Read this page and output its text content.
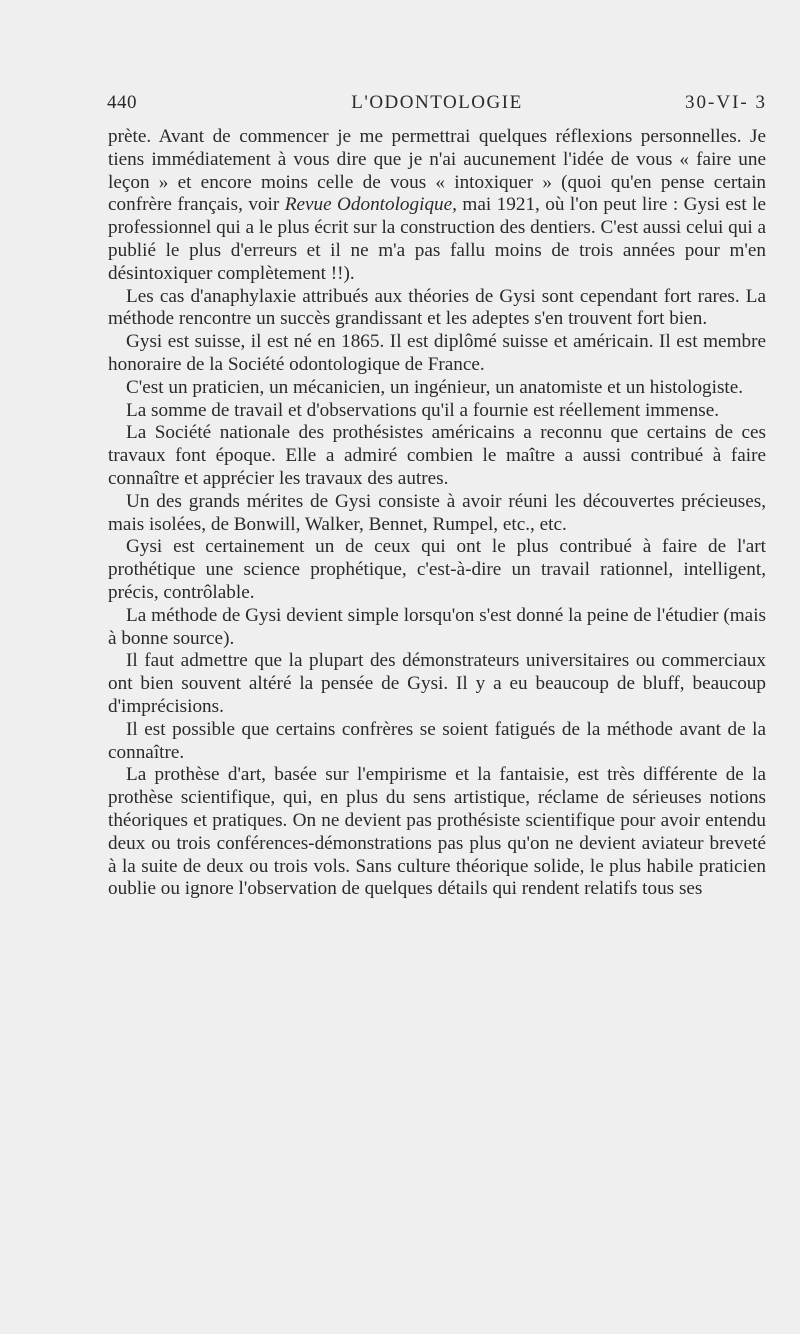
440	L'ODONTOLOGIE	30-VI- 3

prète. Avant de commencer je me permettrai quelques réflexions personnelles. Je tiens immédiatement à vous dire que je n'ai aucunement l'idée de vous « faire une leçon » et encore moins celle de vous « intoxiquer » (quoi qu'en pense certain confrère français, voir Revue Odontologique, mai 1921, où l'on peut lire : Gysi est le professionnel qui a le plus écrit sur la construction des dentiers. C'est aussi celui qui a publié le plus d'erreurs et il ne m'a pas fallu moins de trois années pour m'en désintoxiquer complètement !!).

Les cas d'anaphylaxie attribués aux théories de Gysi sont cependant fort rares. La méthode rencontre un succès grandissant et les adeptes s'en trouvent fort bien.

Gysi est suisse, il est né en 1865. Il est diplômé suisse et américain. Il est membre honoraire de la Société odontologique de France.

C'est un praticien, un mécanicien, un ingénieur, un anatomiste et un histologiste.

La somme de travail et d'observations qu'il a fournie est réellement immense.

La Société nationale des prothésistes américains a reconnu que certains de ces travaux font époque. Elle a admiré combien le maître a aussi contribué à faire connaître et apprécier les travaux des autres.

Un des grands mérites de Gysi consiste à avoir réuni les découvertes précieuses, mais isolées, de Bonwill, Walker, Bennet, Rumpel, etc., etc.

Gysi est certainement un de ceux qui ont le plus contribué à faire de l'art prothétique une science prophétique, c'est-à-dire un travail rationnel, intelligent, précis, contrôlable.

La méthode de Gysi devient simple lorsqu'on s'est donné la peine de l'étudier (mais à bonne source).

Il faut admettre que la plupart des démonstrateurs universitaires ou commerciaux ont bien souvent altéré la pensée de Gysi. Il y a eu beaucoup de bluff, beaucoup d'imprécisions.

Il est possible que certains confrères se soient fatigués de la méthode avant de la connaître.

La prothèse d'art, basée sur l'empirisme et la fantaisie, est très différente de la prothèse scientifique, qui, en plus du sens artistique, réclame de sérieuses notions théoriques et pratiques. On ne devient pas prothésiste scientifique pour avoir entendu deux ou trois conférences-démonstrations pas plus qu'on ne devient aviateur breveté à la suite de deux ou trois vols. Sans culture théorique solide, le plus habile praticien oublie ou ignore l'observation de quelques détails qui rendent relatifs tous ses
